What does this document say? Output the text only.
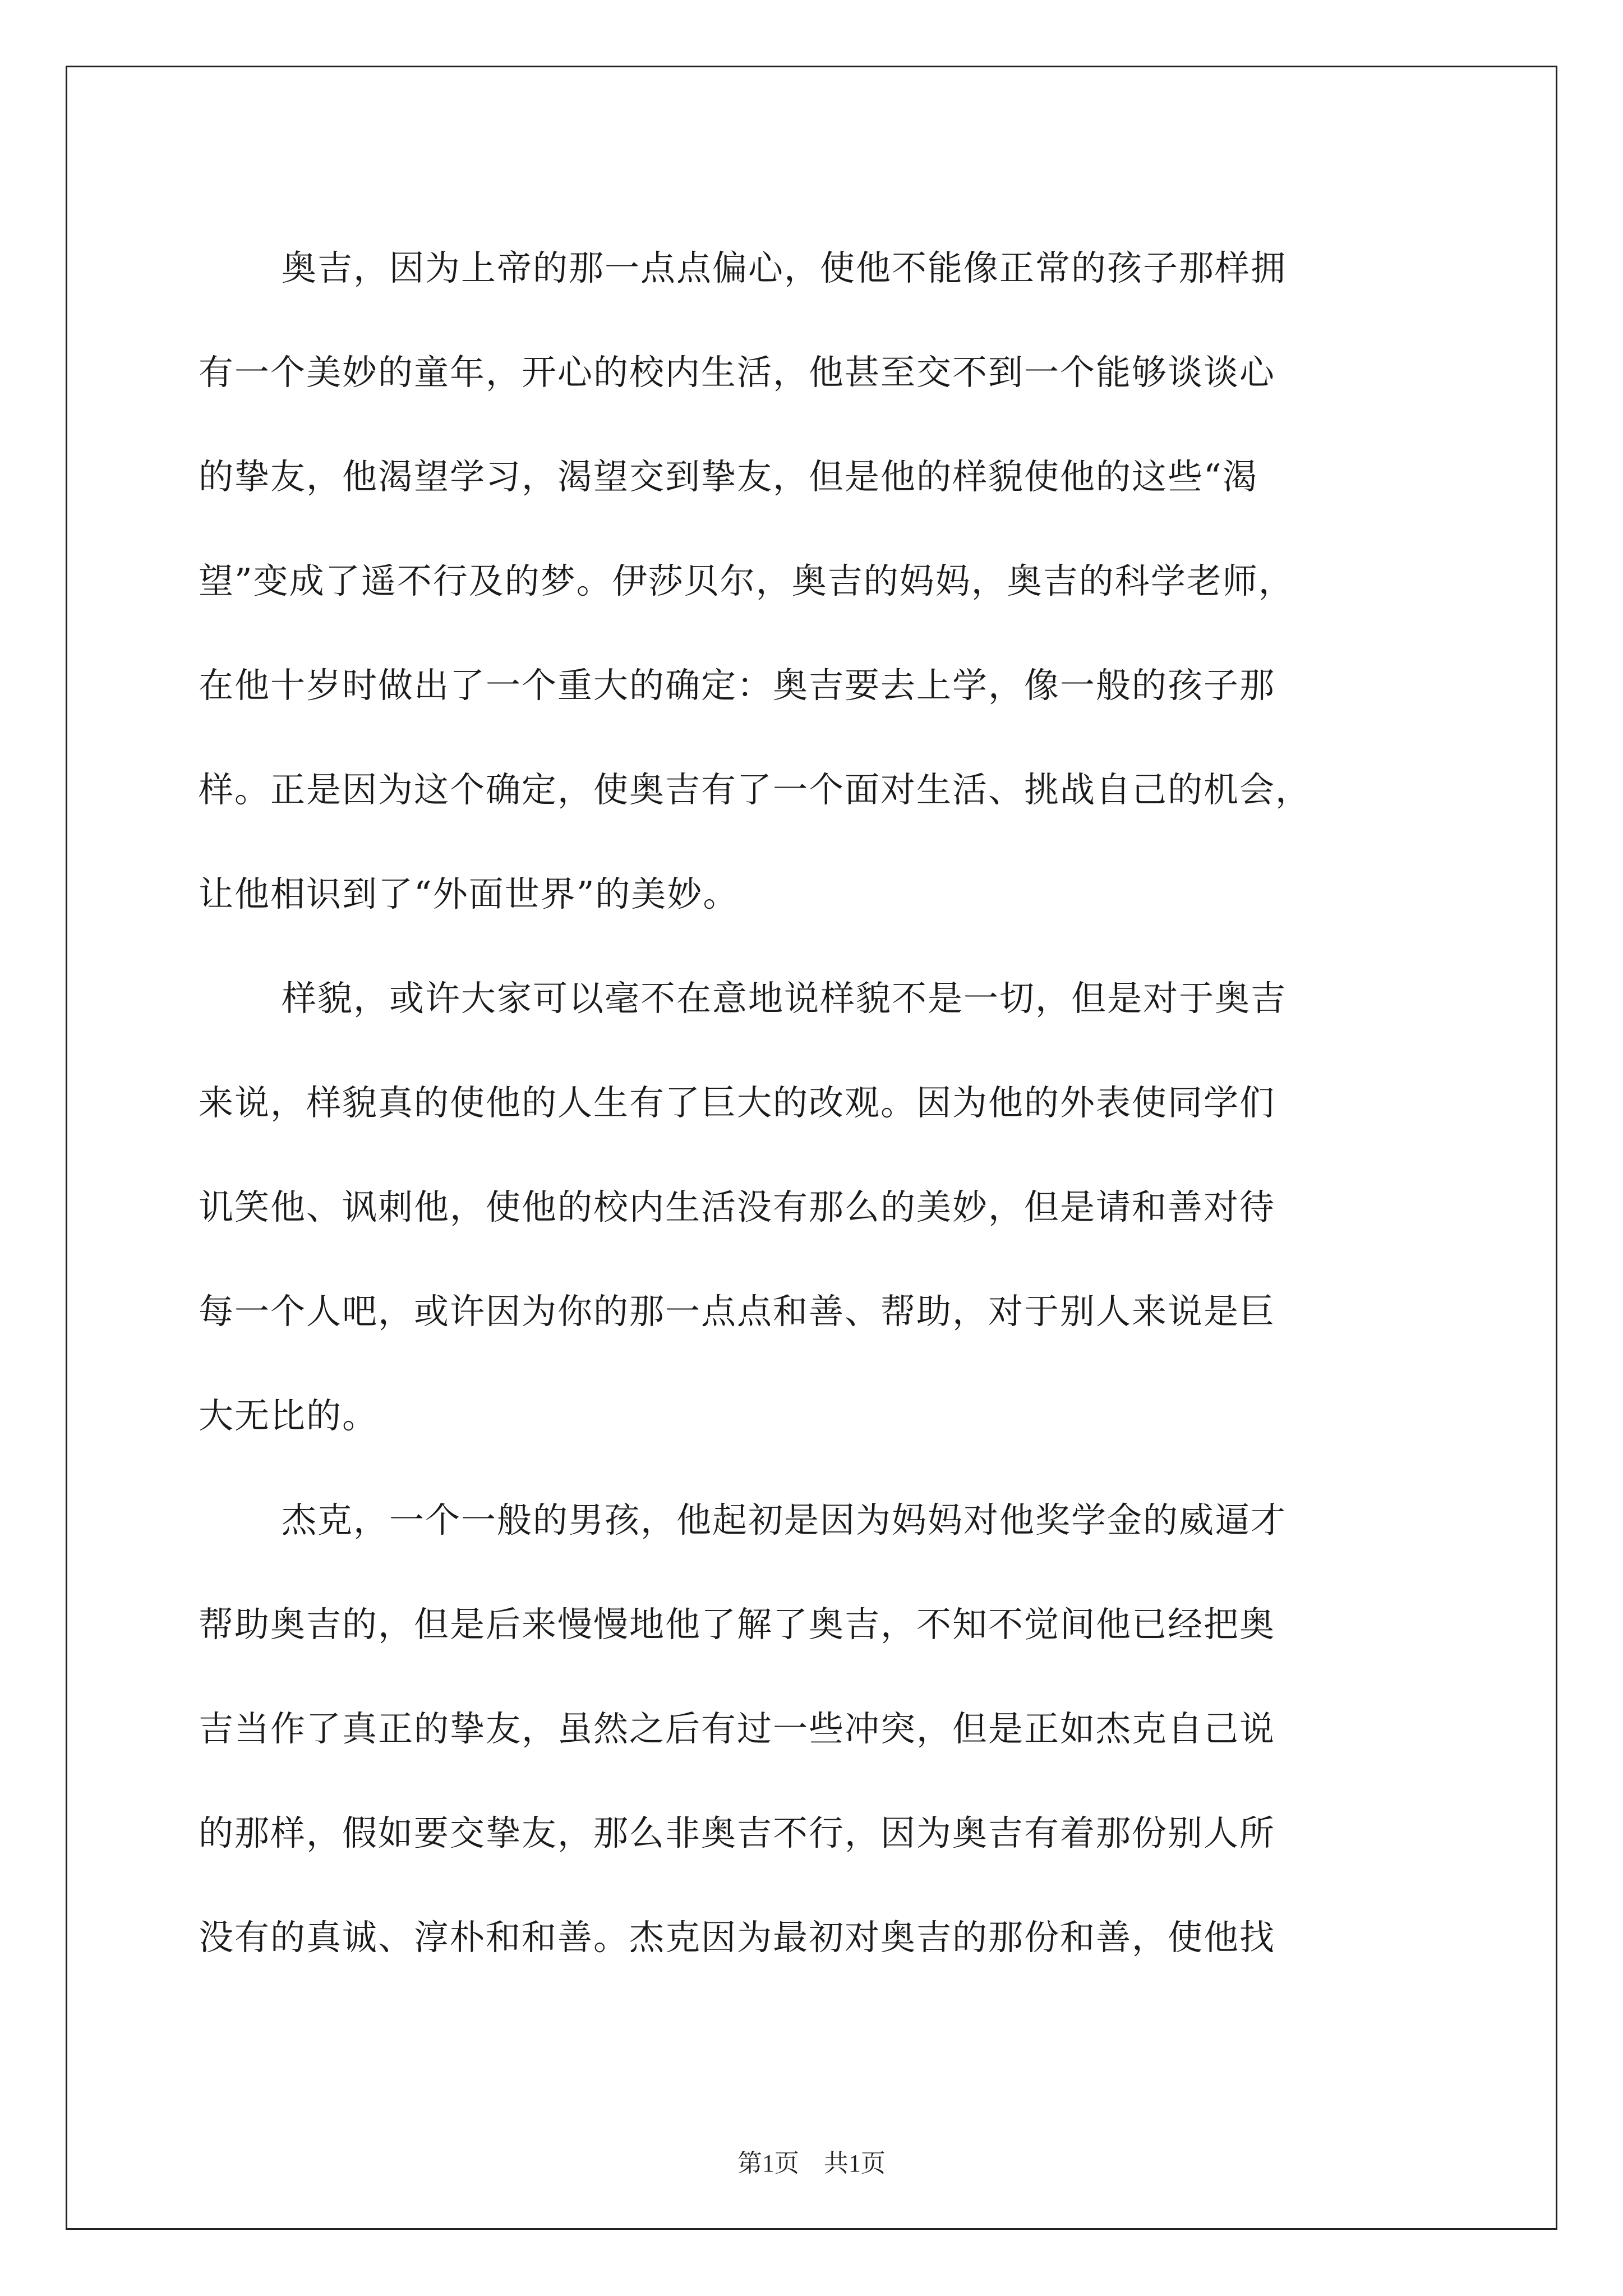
奥吉，因为上帝的那一点点偏心，使他不能像正常的孩子那样拥
有一个美妙的童年，开心的校内生活，他甚至交不到一个能够谈谈心
的挚友，他渴望学习，渴望交到挚友，但是他的样貌使他的这些“渴
望”变成了遥不行及的梦。伊莎贝尔，奥吉的妈妈，奥吉的科学老师，
在他十岁时做出了一个重大的确定：奥吉要去上学，像一般的孩子那
样。正是因为这个确定，使奥吉有了一个面对生活、挑战自己的机会，
让他相识到了“外面世界”的美妙。
样貌，或许大家可以毫不在意地说样貌不是一切，但是对于奥吉
来说，样貌真的使他的人生有了巨大的改观。因为他的外表使同学们
讥笑他、讽刺他，使他的校内生活没有那么的美妙，但是请和善对待
每一个人吧，或许因为你的那一点点和善、帮助，对于别人来说是巨
大无比的。
杰克，一个一般的男孩，他起初是因为妈妈对他奖学金的威逼才
帮助奥吉的，但是后来慢慢地他了解了奥吉，不知不觉间他已经把奥
吉当作了真正的挚友，虽然之后有过一些冲突，但是正如杰克自己说
的那样，假如要交挚友，那么非奥吉不行，因为奥吉有着那份别人所
没有的真诚、淳朴和和善。杰克因为最初对奥吉的那份和善，使他找
第1页 共1页
